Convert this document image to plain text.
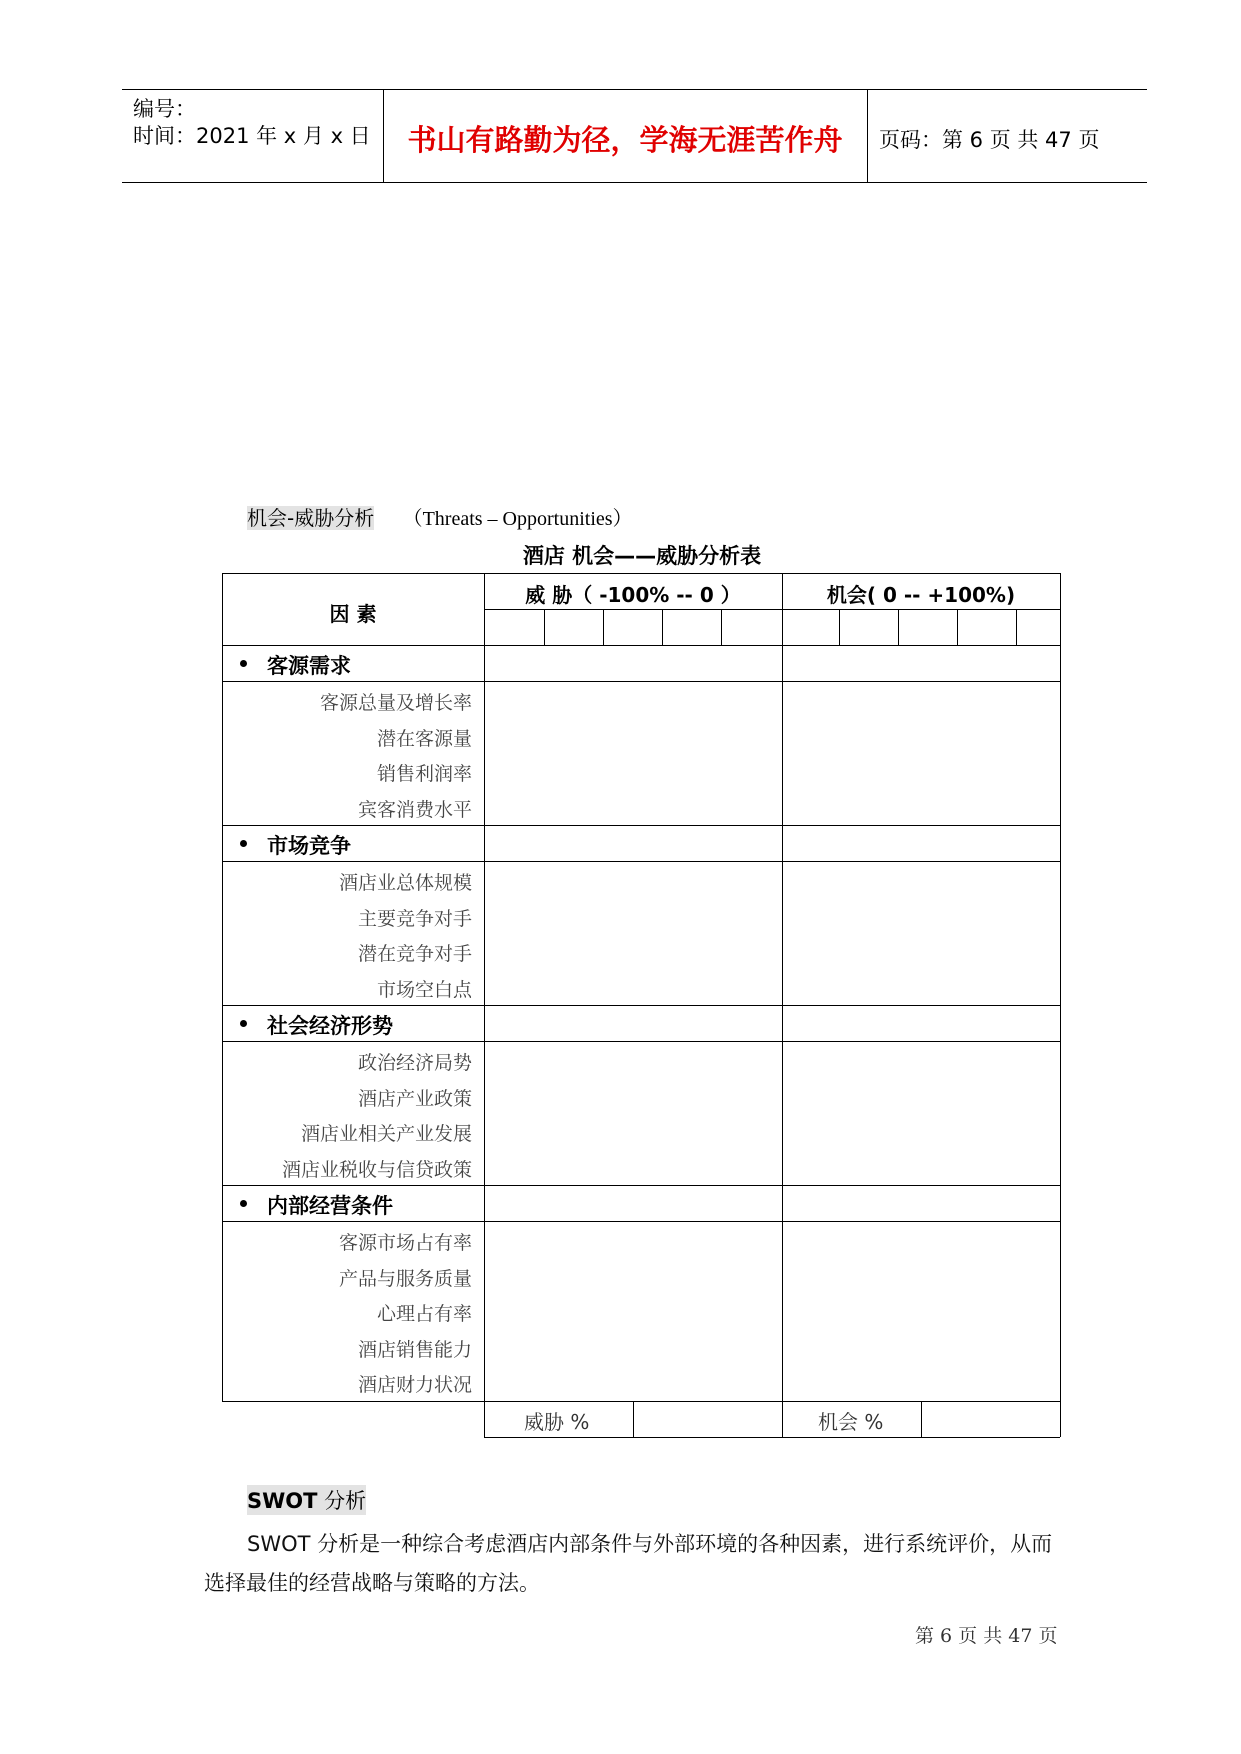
编号：
时间：2021 年 x 月 x 日	书山有路勤为径，学海无涯苦作舟	页码：第 6 页 共 47 页
机会-威胁分析 （Threats – Opportunities）
酒店 机会——威胁分析表
因 素
威 胁（ -100% -- 0 ）	机会( 0 -- +100%)
客源需求
客源总量及增长率
潜在客源量
销售利润率
宾客消费水平
市场竞争
酒店业总体规模
主要竞争对手
潜在竞争对手
市场空白点
社会经济形势
政治经济局势
酒店产业政策
酒店业相关产业发展
酒店业税收与信贷政策
内部经营条件
客源市场占有率
产品与服务质量
心理占有率
酒店销售能力
酒店财力状况
威胁 %	机会 %
SWOT 分析
SWOT 分析是一种综合考虑酒店内部条件与外部环境的各种因素，进行系统评价，从而
选择最佳的经营战略与策略的方法。
第 6 页 共 47 页
